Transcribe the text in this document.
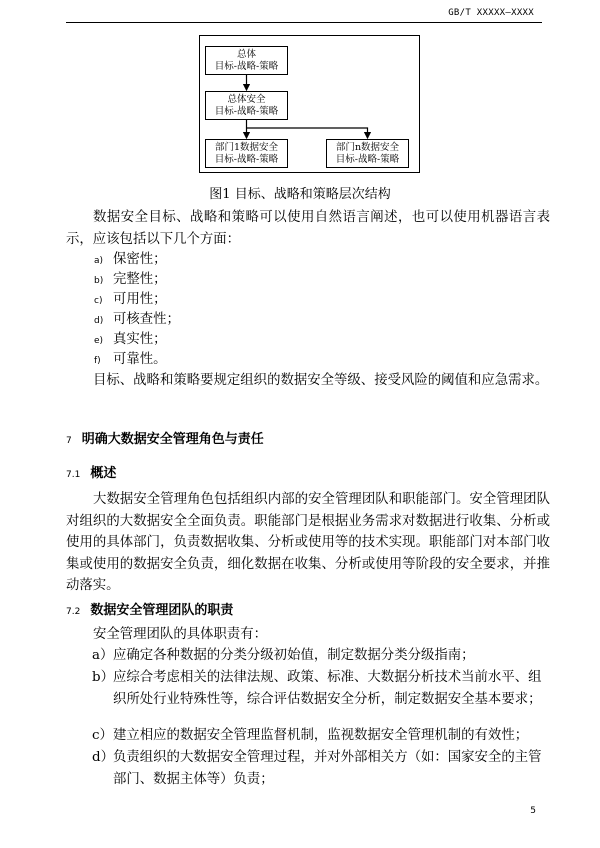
GB/T XXXXX—XXXX
总体
目标-战略-策略
总体安全
目标-战略-策略
部门1数据安全
目标-战略-策略
部门n数据安全
目标-战略-策略
图1 目标、战略和策略层次结构
数据安全目标、战略和策略可以使用自然语言阐述，也可以使用机器语言表示，应该包括以下几个方面：
a) 保密性；
b) 完整性；
c) 可用性；
d) 可核查性；
e) 真实性；
f) 可靠性。
目标、战略和策略要规定组织的数据安全等级、接受风险的阈值和应急需求。
7 明确大数据安全管理角色与责任
7.1 概述
大数据安全管理角色包括组织内部的安全管理团队和职能部门。安全管理团队对组织的大数据安全全面负责。职能部门是根据业务需求对数据进行收集、分析或使用的具体部门，负责数据收集、分析或使用等的技术实现。职能部门对本部门收集或使用的数据安全负责，细化数据在收集、分析或使用等阶段的安全要求，并推动落实。
7.2 数据安全管理团队的职责
安全管理团队的具体职责有：
a） 应确定各种数据的分类分级初始值，制定数据分类分级指南；
b） 应综合考虑相关的法律法规、政策、标准、大数据分析技术当前水平、组织所处行业特殊性等，综合评估数据安全分析，制定数据安全基本要求；
c） 建立相应的数据安全管理监督机制，监视数据安全管理机制的有效性；
d） 负责组织的大数据安全管理过程，并对外部相关方（如：国家安全的主管部门、数据主体等）负责；
5
